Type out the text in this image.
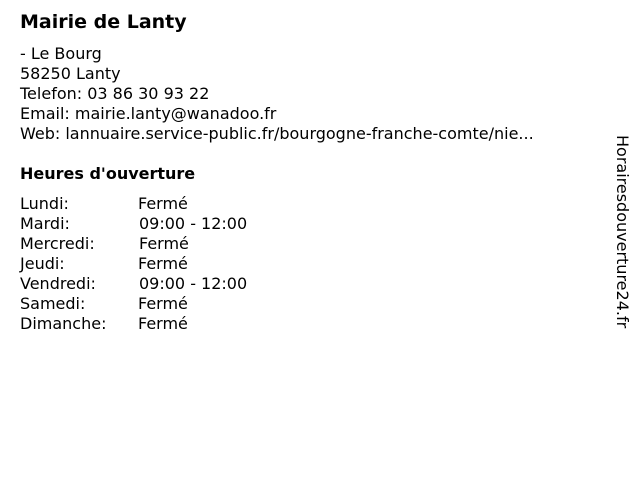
Mairie de Lanty
- Le Bourg
58250 Lanty
Telefon: 03 86 30 93 22
Email: mairie.lanty@wanadoo.fr
Web: lannuaire.service-public.fr/bourgogne-franche-comte/nie...
Heures d'ouverture
Lundi:	Fermé
Mardi:	09:00 - 12:00
Mercredi:	Fermé
Jeudi:	Fermé
Vendredi:	09:00 - 12:00
Samedi:	Fermé
Dimanche: Fermé	Horairesdouverture24.fr
